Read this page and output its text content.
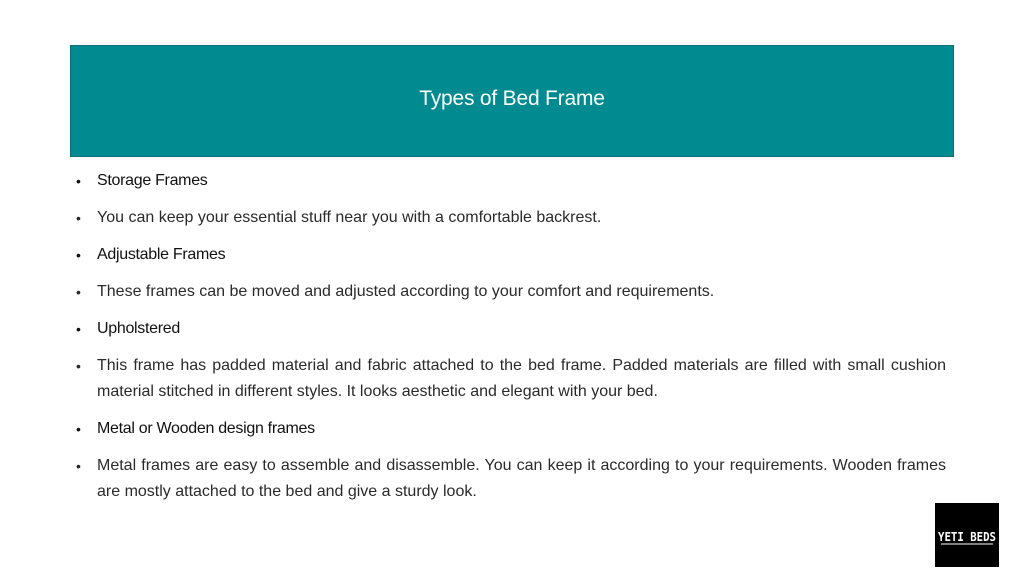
Types of Bed Frame
•	Storage Frames
•	You can keep your essential stuff near you with a comfortable backrest.
•	Adjustable Frames
•	These frames can be moved and adjusted according to your comfort and requirements.
•	Upholstered
•	This frame has padded material and fabric attached to the bed frame. Padded materials are filled with small cushion material stitched in different styles. It looks aesthetic and elegant with your bed.
•	Metal or Wooden design frames
•	Metal frames are easy to assemble and disassemble. You can keep it according to your requirements. Wooden frames are mostly attached to the bed and give a sturdy look.
YETI BEDS
